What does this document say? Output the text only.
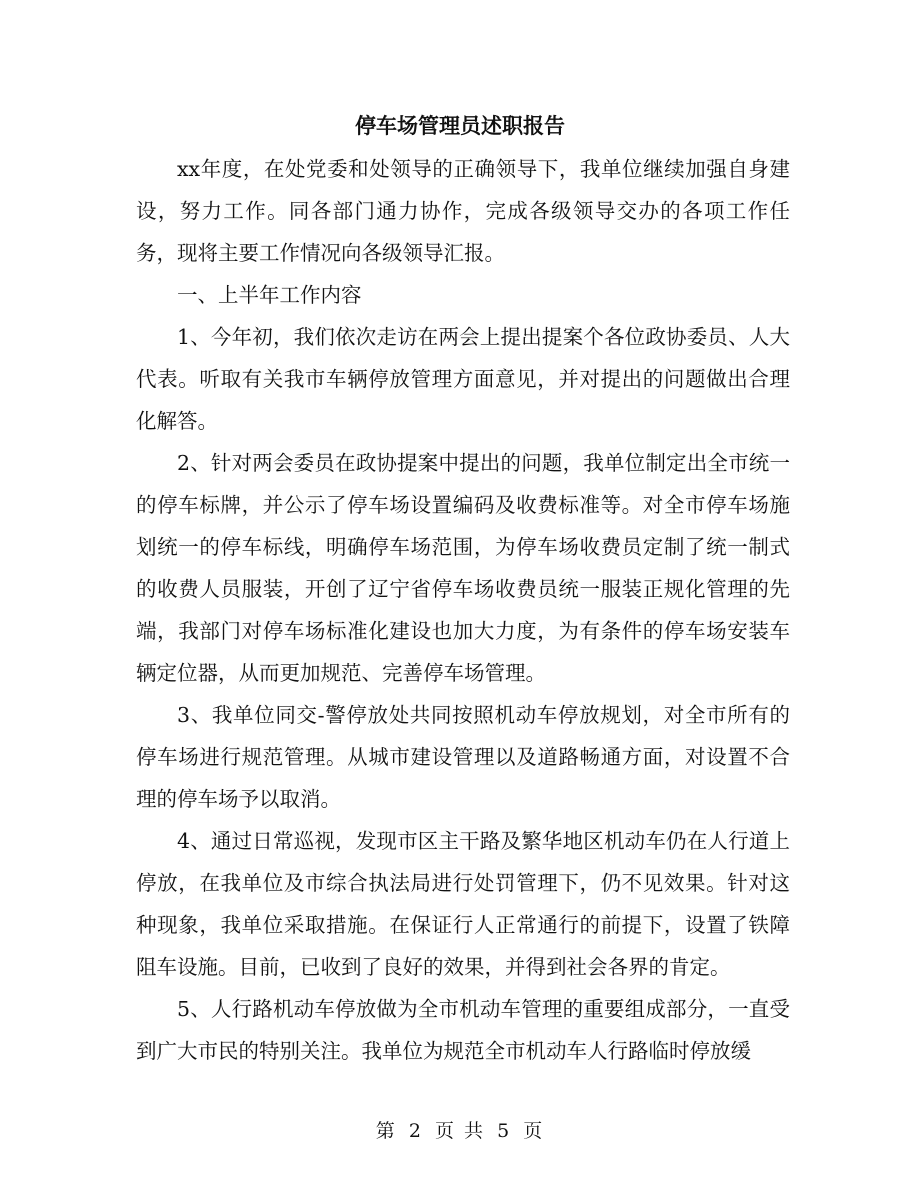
停车场管理员述职报告

xx年度，在处党委和处领导的正确领导下，我单位继续加强自身建设，努力工作。同各部门通力协作，完成各级领导交办的各项工作任务，现将主要工作情况向各级领导汇报。

一、上半年工作内容

1、今年初，我们依次走访在两会上提出提案个各位政协委员、人大代表。听取有关我市车辆停放管理方面意见，并对提出的问题做出合理化解答。

2、针对两会委员在政协提案中提出的问题，我单位制定出全市统一的停车标牌，并公示了停车场设置编码及收费标准等。对全市停车场施划统一的停车标线，明确停车场范围，为停车场收费员定制了统一制式的收费人员服装，开创了辽宁省停车场收费员统一服装正规化管理的先端，我部门对停车场标准化建设也加大力度，为有条件的停车场安装车辆定位器，从而更加规范、完善停车场管理。

3、我单位同交-警停放处共同按照机动车停放规划，对全市所有的停车场进行规范管理。从城市建设管理以及道路畅通方面，对设置不合理的停车场予以取消。

4、通过日常巡视，发现市区主干路及繁华地区机动车仍在人行道上停放，在我单位及市综合执法局进行处罚管理下，仍不见效果。针对这种现象，我单位采取措施。在保证行人正常通行的前提下，设置了铁障阻车设施。目前，已收到了良好的效果，并得到社会各界的肯定。

5、人行路机动车停放做为全市机动车管理的重要组成部分，一直受到广大市民的特别关注。我单位为规范全市机动车人行路临时停放缓

第 2 页 共 5 页
